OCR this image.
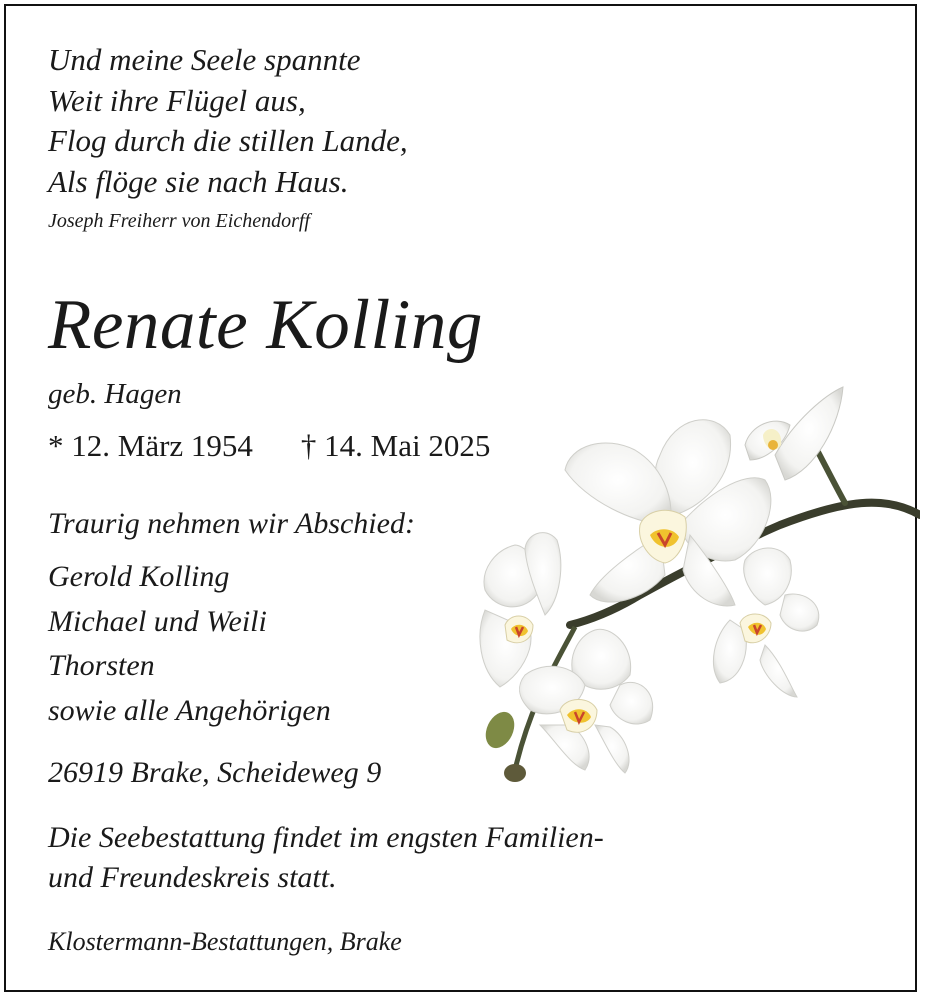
Und meine Seele spannte
Weit ihre Flügel aus,
Flog durch die stillen Lande,
Als flöge sie nach Haus.
Joseph Freiherr von Eichendorff
Renate Kolling
geb. Hagen
* 12. März 1954 † 14. Mai 2025
Traurig nehmen wir Abschied:
Gerold Kolling
Michael und Weili
Thorsten
sowie alle Angehörigen
26919 Brake, Scheideweg 9
Die Seebestattung findet im engsten Familien-
und Freundeskreis statt.
Klostermann-Bestattungen, Brake
